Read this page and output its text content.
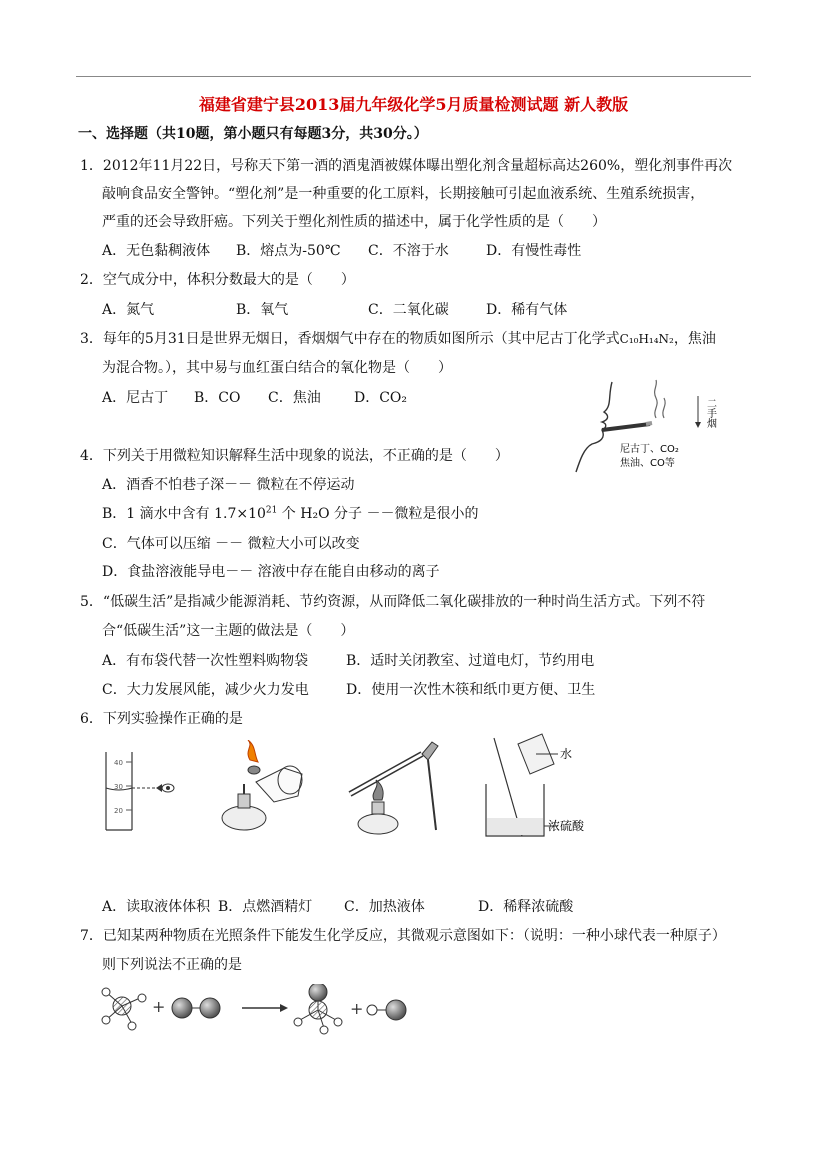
福建省建宁县2013届九年级化学5月质量检测试题 新人教版
一、选择题（共10题，第小题只有每题3分，共30分。）
1．2012年11月22日，号称天下第一酒的酒鬼酒被媒体曝出塑化剂含量超标高达260%，塑化剂事件再次
敲响食品安全警钟。“塑化剂”是一种重要的化工原料，长期接触可引起血液系统、生殖系统损害，
严重的还会导致肝癌。下列关于塑化剂性质的描述中，属于化学性质的是（　　）
A．无色黏稠液体 B．熔点为-50℃ C．不溶于水	D．有慢性毒性
2．空气成分中，体积分数最大的是（　　）
A．氮气	B．氧气	C．二氧化碳	D．稀有气体
3．每年的5月31日是世界无烟日，香烟烟气中存在的物质如图所示（其中尼古丁化学式C₁₀H₁₄N₂，焦油
为混合物。），其中易与血红蛋白结合的氧化物是（　　）
A．尼古丁 B．CO C．焦油 D．CO₂	二手烟
尼古丁、CO₂
焦油、CO等
4．下列关于用微粒知识解释生活中现象的说法，不正确的是（　　）
A．酒香不怕巷子深－－ 微粒在不停运动
B．1 滴水中含有 $1.7\times 10^{21}$ 个 H₂O 分子 －－微粒是很小的
C．气体可以压缩 －－ 微粒大小可以改变
D．食盐溶液能导电－－ 溶液中存在能自由移动的离子
5．“低碳生活”是指减少能源消耗、节约资源，从而降低二氧化碳排放的一种时尚生活方式。下列不符
合“低碳生活”这一主题的做法是（　　）
A．有布袋代替一次性塑料购物袋	B．适时关闭教室、过道电灯，节约用电
C．大力发展风能，减少火力发电	D．使用一次性木筷和纸巾更方便、卫生
6．下列实验操作正确的是
40
30
20
水
浓硫酸
A．读取液体体积 B．点燃酒精灯 C．加热液体	D．稀释浓硫酸
7．已知某两种物质在光照条件下能发生化学反应，其微观示意图如下：（说明：一种小球代表一种原子）
则下列说法不正确的是
+	+
